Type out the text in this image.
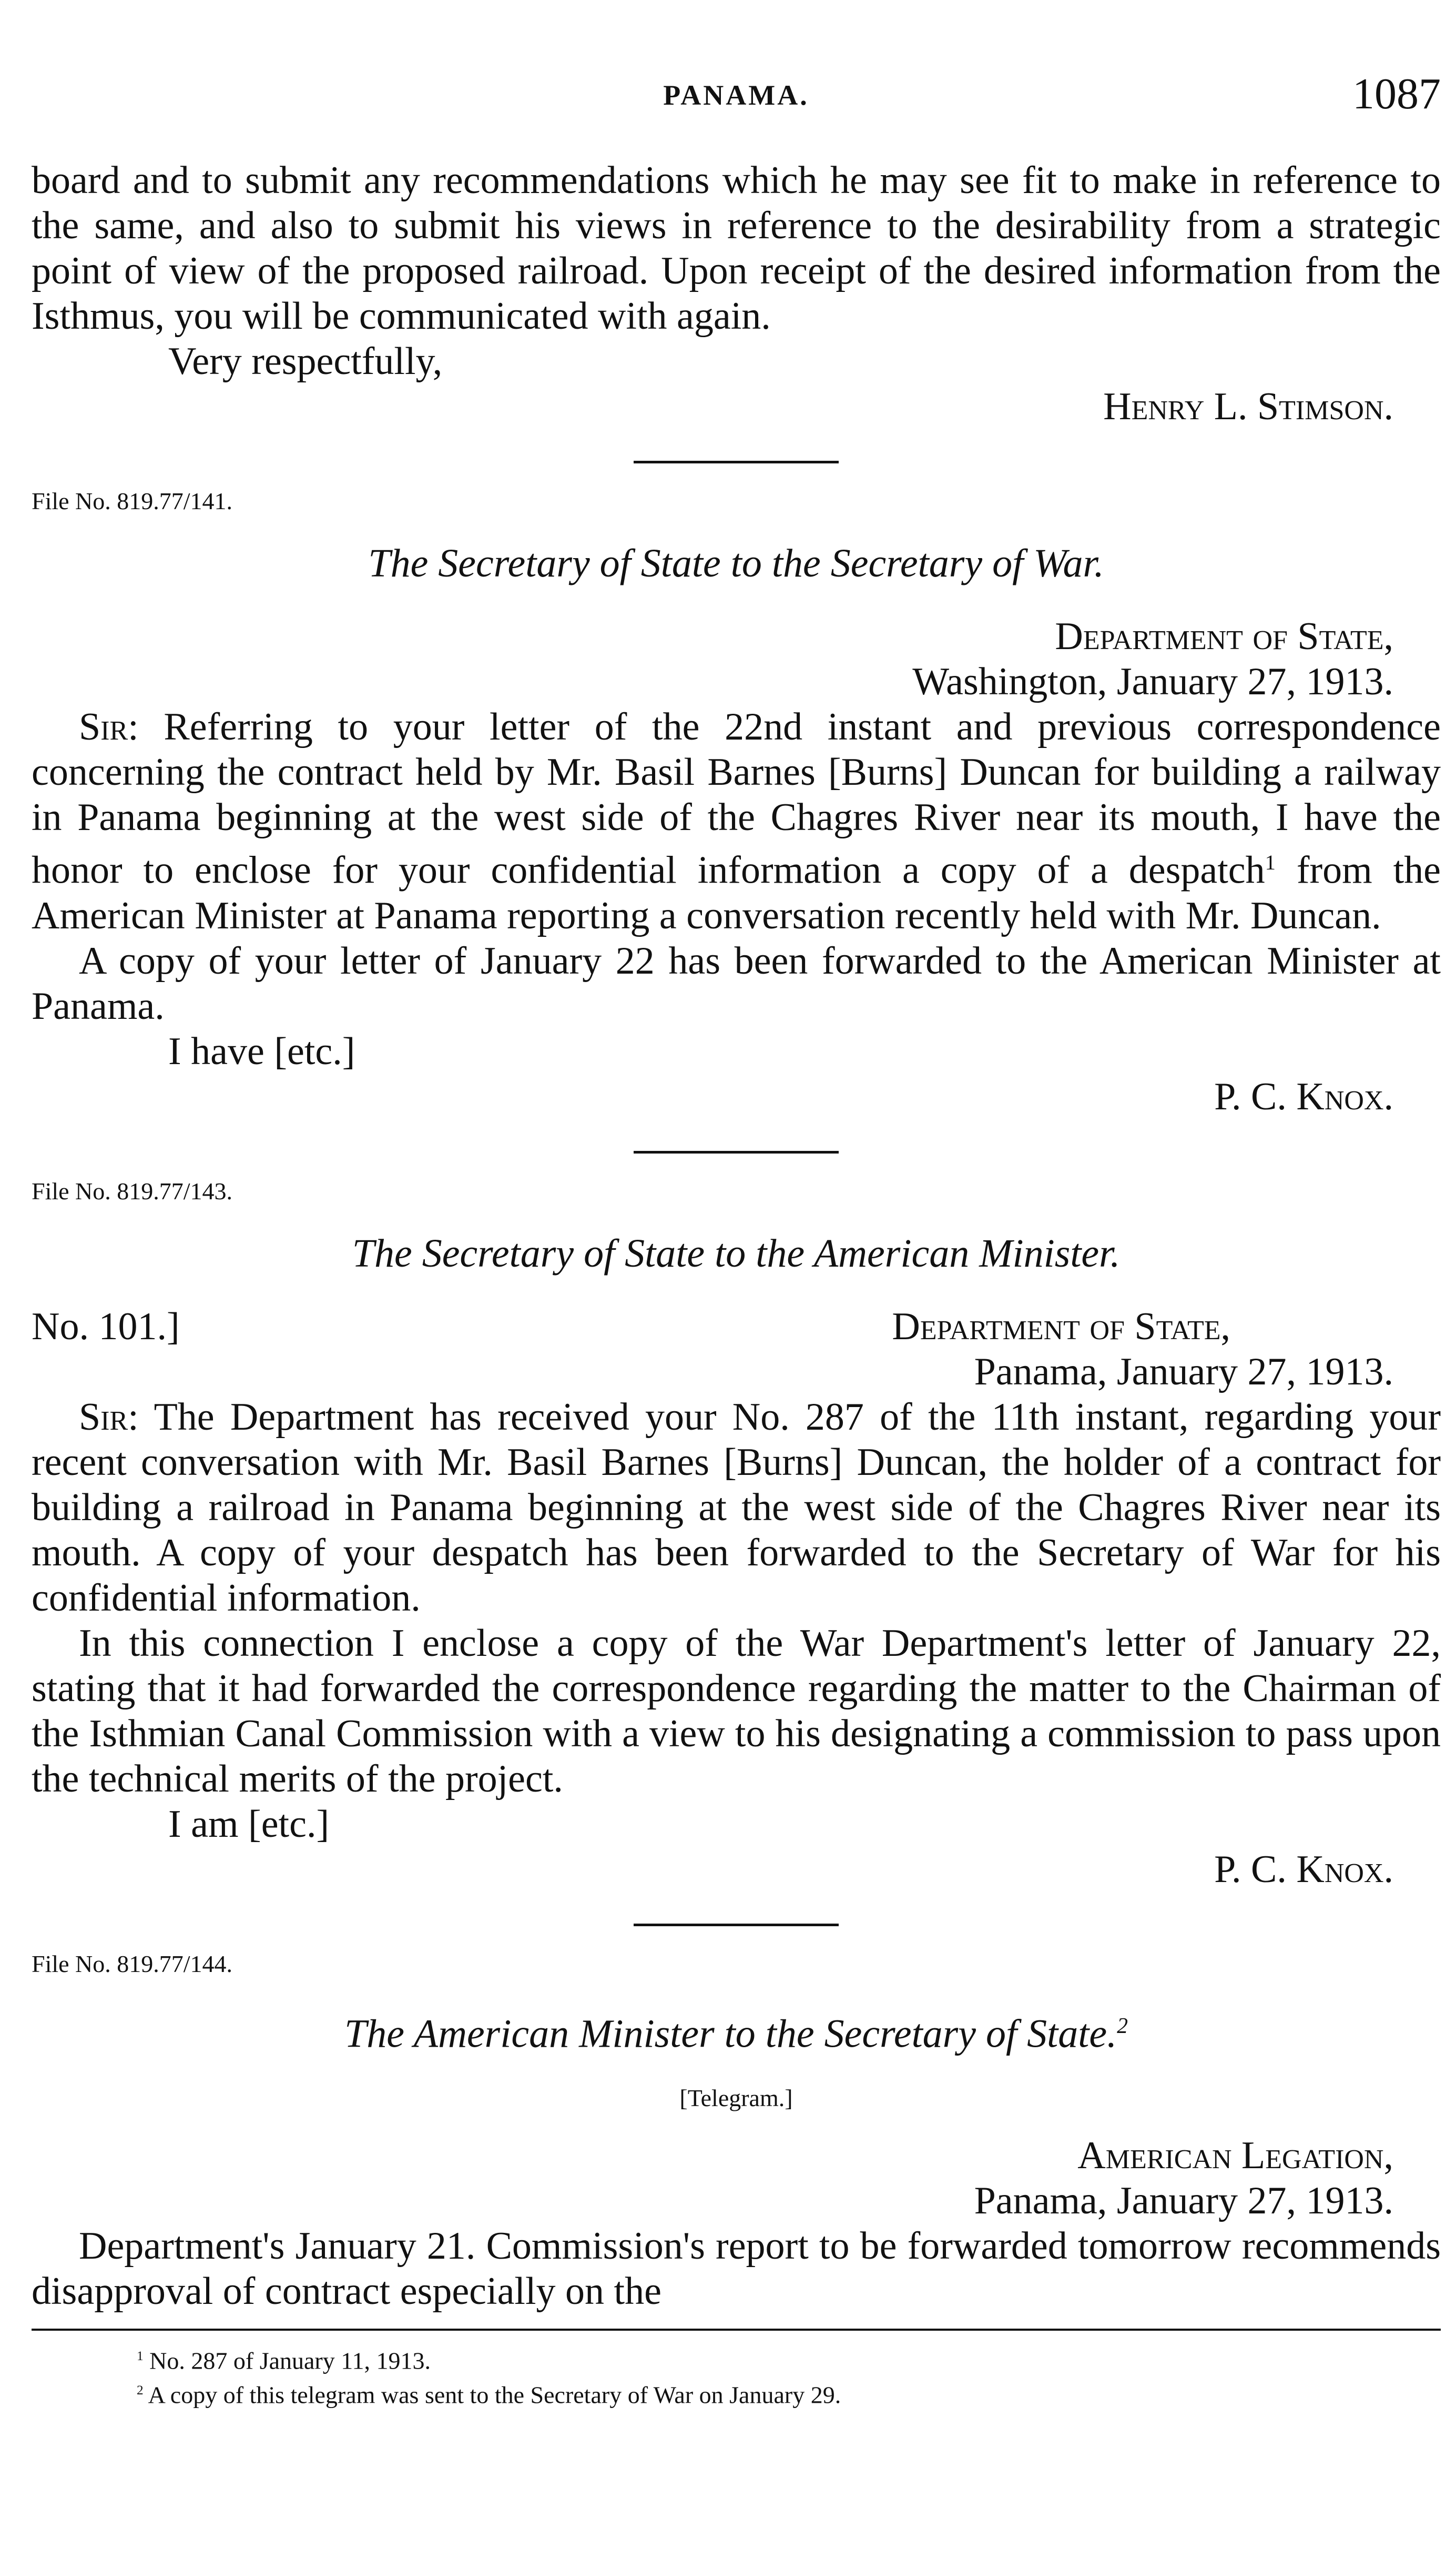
PANAMA.	1087

board and to submit any recommendations which he may see fit to make in reference to the same, and also to submit his views in reference to the desirability from a strategic point of view of the proposed railroad. Upon receipt of the desired information from the Isthmus, you will be communicated with again.

Very respectfully,
Henry L. Stimson.
File No. 819.77/141.
The Secretary of State to the Secretary of War.
Department of State,
Washington, January 27, 1913.

Sir: Referring to your letter of the 22nd instant and previous correspondence concerning the contract held by Mr. Basil Barnes [Burns] Duncan for building a railway in Panama beginning at the west side of the Chagres River near its mouth, I have the honor to enclose for your confidential information a copy of a despatch$^1$ from the American Minister at Panama reporting a conversation recently held with Mr. Duncan.

A copy of your letter of January 22 has been forwarded to the American Minister at Panama.

I have [etc.]
P. C. Knox.
File No. 819.77/143.
The Secretary of State to the American Minister.
No. 101.]	Department of State,
Panama, January 27, 1913.

Sir: The Department has received your No. 287 of the 11th instant, regarding your recent conversation with Mr. Basil Barnes [Burns] Duncan, the holder of a contract for building a railroad in Panama beginning at the west side of the Chagres River near its mouth. A copy of your despatch has been forwarded to the Secretary of War for his confidential information.

In this connection I enclose a copy of the War Department's letter of January 22, stating that it had forwarded the correspondence regarding the matter to the Chairman of the Isthmian Canal Commission with a view to his designating a commission to pass upon the technical merits of the project.

I am [etc.]
P. C. Knox.
File No. 819.77/144.
The American Minister to the Secretary of State.$^2$
[Telegram.]
American Legation,
Panama, January 27, 1913.

Department's January 21. Commission's report to be forwarded tomorrow recommends disapproval of contract especially on the

$^1$ No. 287 of January 11, 1913.
$^2$ A copy of this telegram was sent to the Secretary of War on January 29.
